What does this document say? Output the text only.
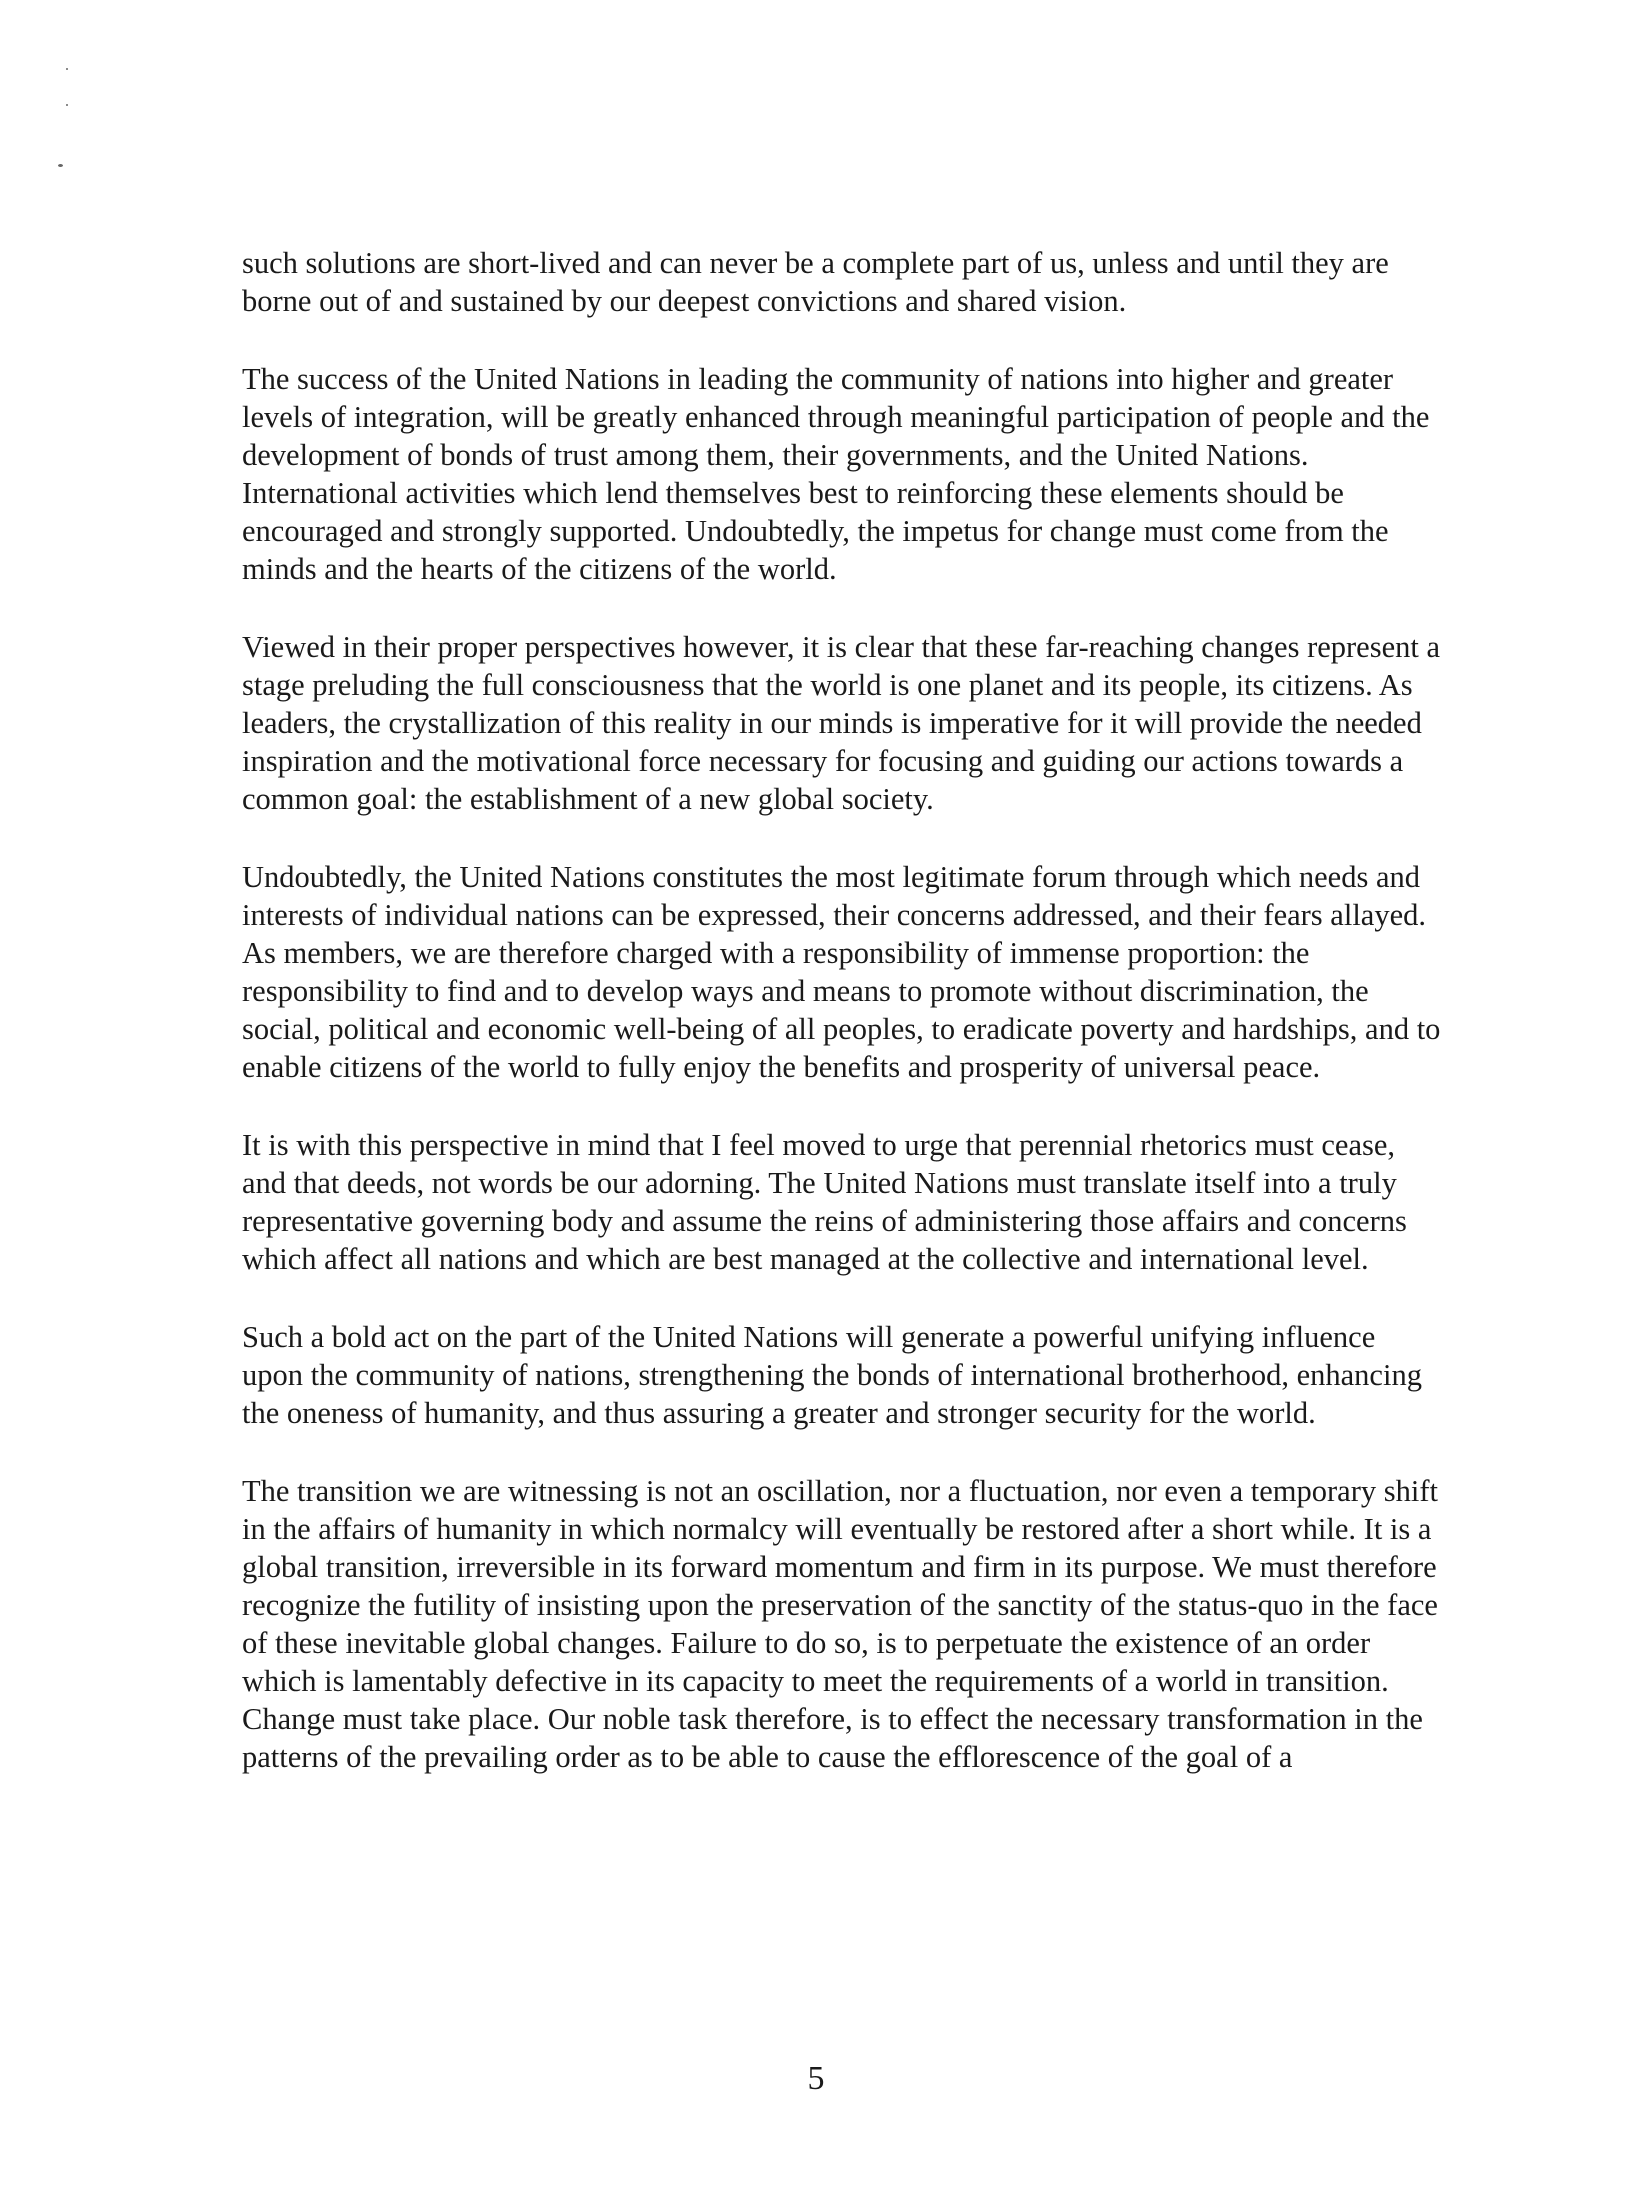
such solutions are short-lived and can never be a complete part of us, unless and until they are borne out of and sustained by our deepest convictions and shared vision.

The success of the United Nations in leading the community of nations into higher and greater levels of integration, will be greatly enhanced through meaningful participation of people and the development of bonds of trust among them, their governments, and the United Nations. International activities which lend themselves best to reinforcing these elements should be encouraged and strongly supported. Undoubtedly, the impetus for change must come from the minds and the hearts of the citizens of the world.

Viewed in their proper perspectives however, it is clear that these far-reaching changes represent a stage preluding the full consciousness that the world is one planet and its people, its citizens. As leaders, the crystallization of this reality in our minds is imperative for it will provide the needed inspiration and the motivational force necessary for focusing and guiding our actions towards a common goal: the establishment of a new global society.

Undoubtedly, the United Nations constitutes the most legitimate forum through which needs and interests of individual nations can be expressed, their concerns addressed, and their fears allayed. As members, we are therefore charged with a responsibility of immense proportion: the responsibility to find and to develop ways and means to promote without discrimination, the social, political and economic well-being of all peoples, to eradicate poverty and hardships, and to enable citizens of the world to fully enjoy the benefits and prosperity of universal peace.

It is with this perspective in mind that I feel moved to urge that perennial rhetorics must cease, and that deeds, not words be our adorning. The United Nations must translate itself into a truly representative governing body and assume the reins of administering those affairs and concerns which affect all nations and which are best managed at the collective and international level.

Such a bold act on the part of the United Nations will generate a powerful unifying influence upon the community of nations, strengthening the bonds of international brotherhood, enhancing the oneness of humanity, and thus assuring a greater and stronger security for the world.

The transition we are witnessing is not an oscillation, nor a fluctuation, nor even a temporary shift in the affairs of humanity in which normalcy will eventually be restored after a short while. It is a global transition, irreversible in its forward momentum and firm in its purpose. We must therefore recognize the futility of insisting upon the preservation of the sanctity of the status-quo in the face of these inevitable global changes. Failure to do so, is to perpetuate the existence of an order which is lamentably defective in its capacity to meet the requirements of a world in transition. Change must take place. Our noble task therefore, is to effect the necessary transformation in the patterns of the prevailing order as to be able to cause the efflorescence of the goal of a

5
